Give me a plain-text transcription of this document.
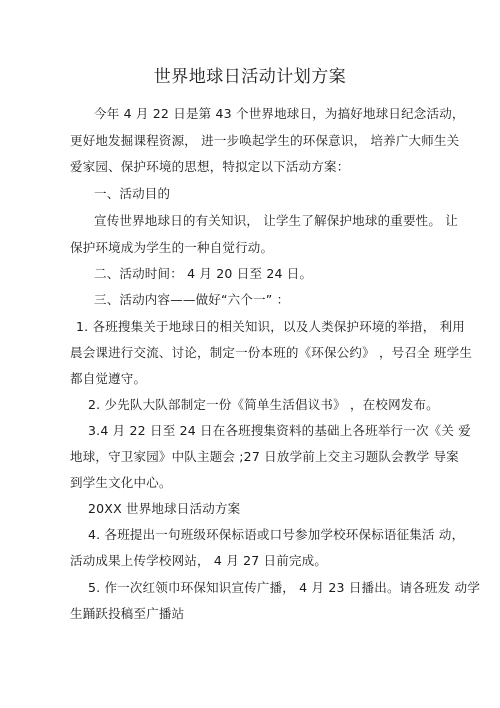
世界地球日活动计划方案
今年 4 月 22 日是第 43 个世界地球日，为搞好地球日纪念活动，
更好地发掘课程资源， 进一步唤起学生的环保意识， 培养广大师生关
爱家园、保护环境的思想，特拟定以下活动方案：
一、活动目的
宣传世界地球日的有关知识， 让学生了解保护地球的重要性。 让
保护环境成为学生的一种自觉行动。
二、活动时间： 4 月 20 日至 24 日。
三、活动内容——做好“六个一” ：
1. 各班搜集关于地球日的相关知识，以及人类保护环境的举措， 利用
晨会课进行交流、讨论，制定一份本班的《环保公约》 ，号召全 班学生
都自觉遵守。
2. 少先队大队部制定一份《简单生活倡议书》 ，在校网发布。
3.4 月 22 日至 24 日在各班搜集资料的基础上各班举行一次《关 爱
地球，守卫家园》中队主题会 ;27 日放学前上交主习题队会教学 导案
到学生文化中心。
20XX 世界地球日活动方案
4. 各班提出一句班级环保标语或口号参加学校环保标语征集活 动，
活动成果上传学校网站， 4 月 27 日前完成。
5. 作一次红领巾环保知识宣传广播， 4 月 23 日播出。请各班发 动学
生踊跃投稿至广播站
